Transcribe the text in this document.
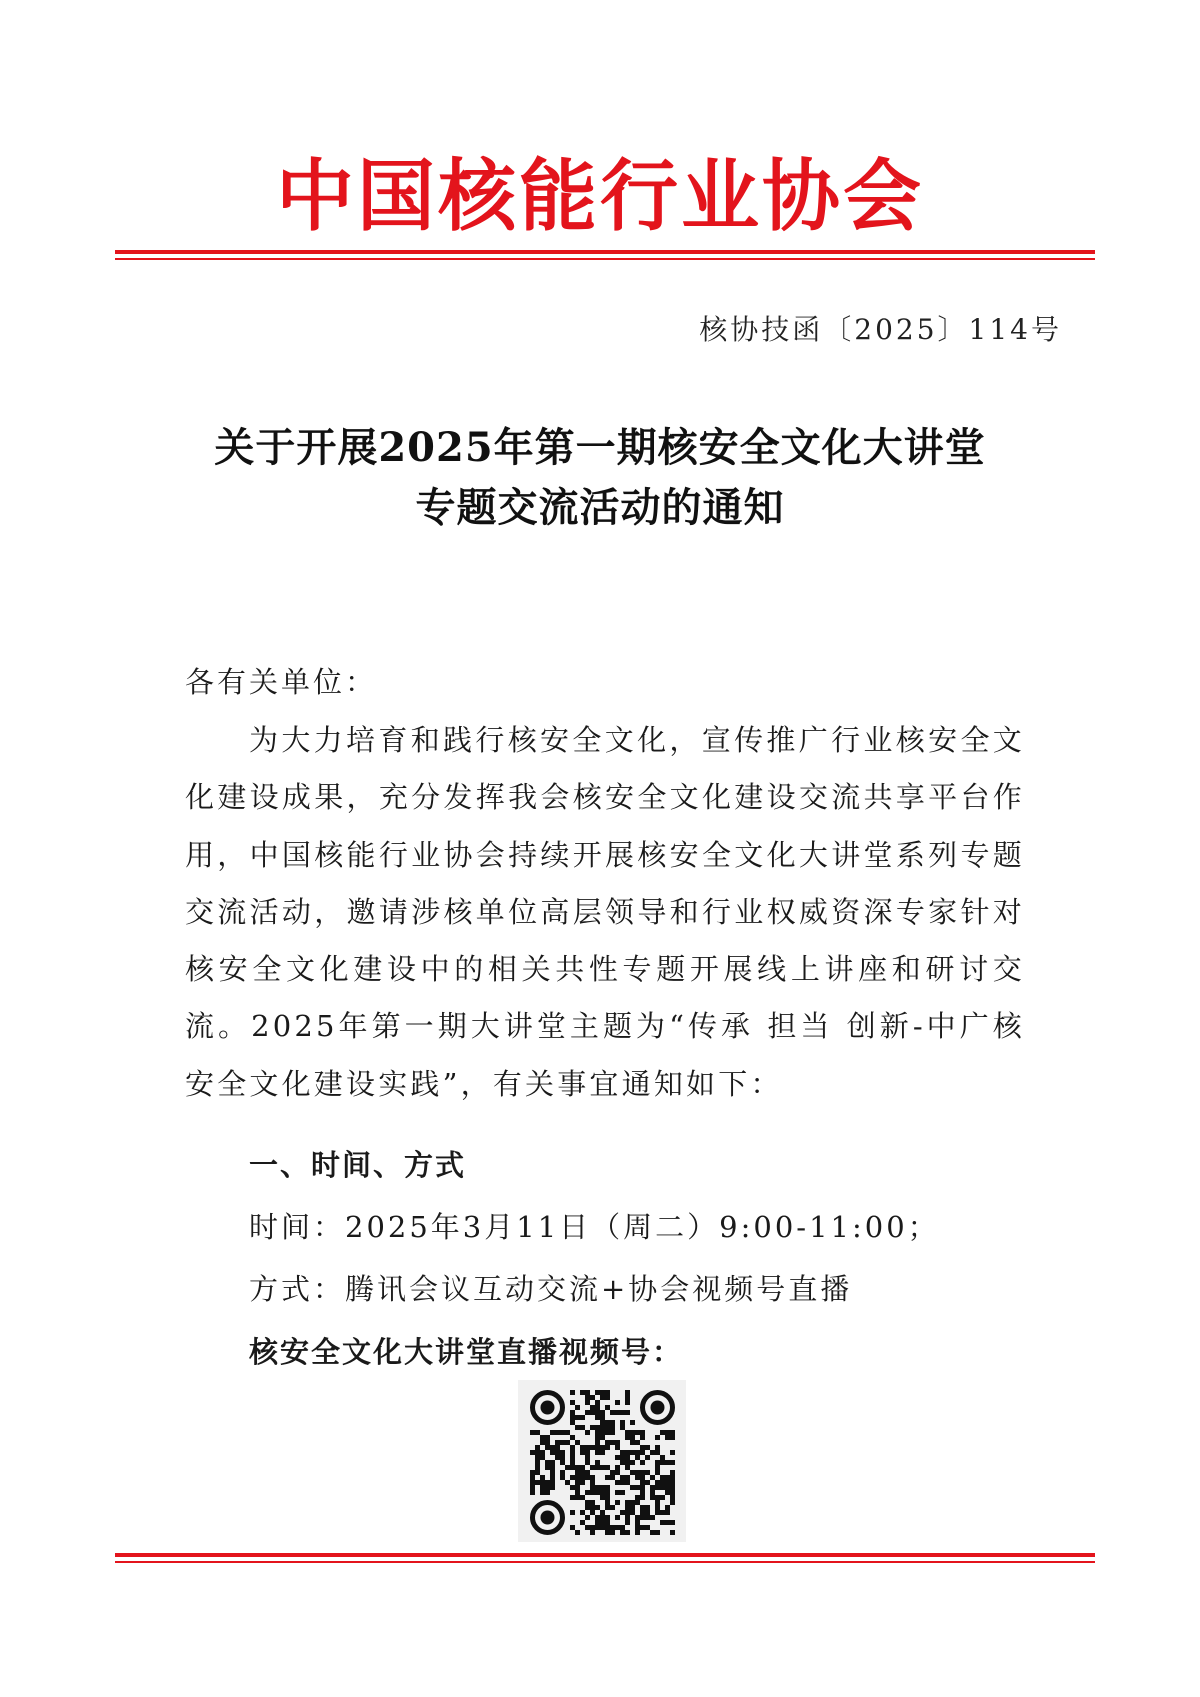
中国核能行业协会
核协技函〔2025〕114号
关于开展2025年第一期核安全文化大讲堂
专题交流活动的通知
各有关单位：
为大力培育和践行核安全文化，宣传推广行业核安全文化建设成果，充分发挥我会核安全文化建设交流共享平台作用，中国核能行业协会持续开展核安全文化大讲堂系列专题交流活动，邀请涉核单位高层领导和行业权威资深专家针对核安全文化建设中的相关共性专题开展线上讲座和研讨交流。2025年第一期大讲堂主题为“传承 担当 创新-中广核安全文化建设实践”，有关事宜通知如下：
一、时间、方式
时间：2025年3月11日（周二）9:00-11:00；
方式：腾讯会议互动交流+协会视频号直播
核安全文化大讲堂直播视频号：
